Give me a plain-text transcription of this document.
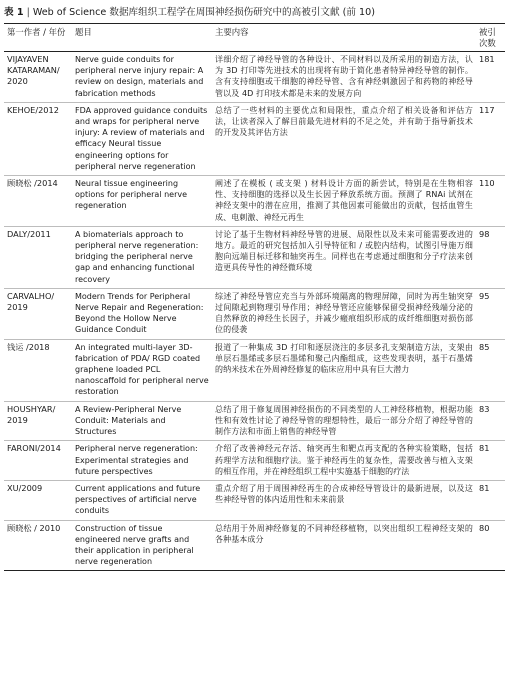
表 1 | Web of Science 数据库组织工程学在周围神经损伤研究中的高被引文献 (前 10)
第一作者 / 年份	题目	主要内容	被引次数
VIJAYAVEN KATARAMAN/ 2020	Nerve guide conduits for peripheral nerve injury repair: A review on design, materials and fabrication methods	详细介绍了神经导管的各种设计、不同材料以及所采用的制造方法，认为 3D 打印等先进技术的出现将有助于简化患者特异神经导管的制作。含有支持细胞或干细胞的神经导管、含有神经刺激因子和药物的神经导管以及 4D 打印技术都是未来的发展方向	181
KEHOE/2012	FDA approved guidance conduits and wraps for peripheral nerve injury: A review of materials and efficacy Neural tissue engineering options for peripheral nerve regeneration	总结了一些材料的主要优点和局限性，重点介绍了相关设备和评估方法，让读者深入了解目前最先进材料的不足之处，并有助于指导新技术的开发及其评估方法	117
顾晓松 /2014	Neural tissue engineering options for peripheral nerve regeneration	阐述了在模板 ( 或支架 ) 材料设计方面的新尝试，特别是在生物相容性、支持细胞的选择以及生长因子释放系统方面。预测了 RNAi 试剂在神经支架中的潜在应用，推测了其他因素可能做出的贡献，包括血管生成、电刺激、神经元再生	110
DALY/2011	A biomaterials approach to peripheral nerve regeneration: bridging the peripheral nerve gap and enhancing functional recovery	讨论了基于生物材料神经导管的进展、局限性以及未来可能需要改进的地方。最近的研究包括加入引导特征和 / 或腔内结构，试图引导施万细胞向远端目标迁移和轴突再生。同样也在考虑通过细胞和分子疗法来创造更具传导性的神经微环境	98
CARVALHO/ 2019	Modern Trends for Peripheral Nerve Repair and Regeneration: Beyond the Hollow Nerve Guidance Conduit	综述了神经导管应充当与外部环境隔离的物理屏障，同时为再生轴突穿过间隙起到物理引导作用；神经导管还应能够保留受损神经残端分泌的自然释放的神经生长因子，并减少瘢痕组织形成的成纤维细胞对损伤部位的侵袭	95
钱运 /2018	An integrated multi-layer 3D-fabrication of PDA/ RGD coated graphene loaded PCL nanoscaffold for peripheral nerve restoration	报道了一种集成 3D 打印和逐层浇注的多层多孔支架制造方法，支架由单层石墨烯或多层石墨烯和聚己内酯组成，这些发现表明，基于石墨烯的纳米技术在外周神经修复的临床应用中具有巨大潜力	85
HOUSHYAR/ 2019	A Review-Peripheral Nerve Conduit: Materials and Structures	总结了用于修复周围神经损伤的不同类型的人工神经移植物，根据功能性和有效性讨论了神经导管的理想特性，最后一部分介绍了神经导管的制作方法和市面上销售的神经导管	83
FARONI/2014	Peripheral nerve regeneration: Experimental strategies and future perspectives	介绍了改善神经元存活、轴突再生和靶点再支配的各种实验策略，包括药理学方法和细胞疗法。鉴于神经再生的复杂性，需要改善与植入支架的相互作用，并在神经组织工程中实施基于细胞的疗法	81
XU/2009	Current applications and future perspectives of artificial nerve conduits	重点介绍了用于周围神经再生的合成神经导管设计的最新进展，以及这些神经导管的体内适用性和未来前景	81
顾晓松 / 2010	Construction of tissue engineered nerve grafts and their application in peripheral nerve regeneration	总结用于外周神经修复的不同神经移植物，以突出组织工程神经支架的各种基本成分	80
